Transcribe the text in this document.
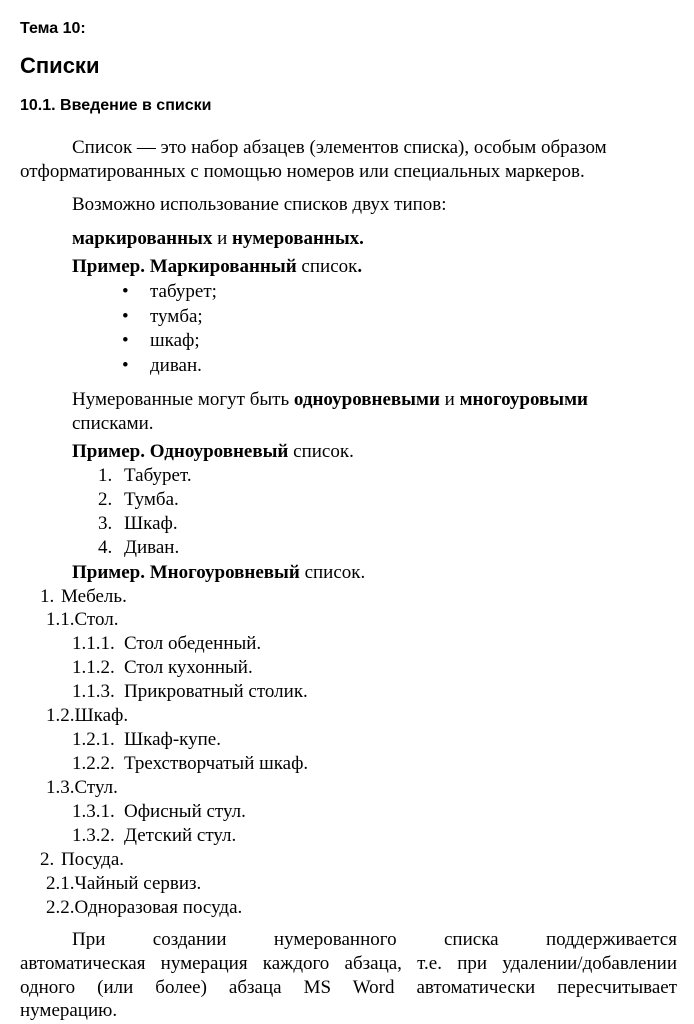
Тема 10:
Списки
10.1. Введение в списки
Список — это набор абзацев (элементов списка), особым образом
отформатированных с помощью номеров или специальных маркеров.
Возможно использование списков двух типов:
маркированных и нумерованных.
Пример. Маркированный список.
• табурет;
• тумба;
• шкаф;
• диван.
Нумерованные могут быть одноуровневыми и многоуровыми
списками.
Пример. Одноуровневый список.
1. Табурет.
2. Тумба.
3. Шкаф.
4. Диван.
Пример. Многоуровневый список.
1. Мебель.
1.1.Стол.
1.1.1. Стол обеденный.
1.1.2. Стол кухонный.
1.1.3. Прикроватный столик.
1.2.Шкаф.
1.2.1. Шкаф-купе.
1.2.2. Трехстворчатый шкаф.
1.3.Стул.
1.3.1. Офисный стул.
1.3.2. Детский стул.
2. Посуда.
2.1.Чайный сервиз.
2.2.Одноразовая посуда.
При создании нумерованного списка поддерживается
автоматическая нумерация каждого абзаца, т.е. при удалении/добавлении
одного (или более) абзаца MS Word автоматически пересчитывает
нумерацию.
